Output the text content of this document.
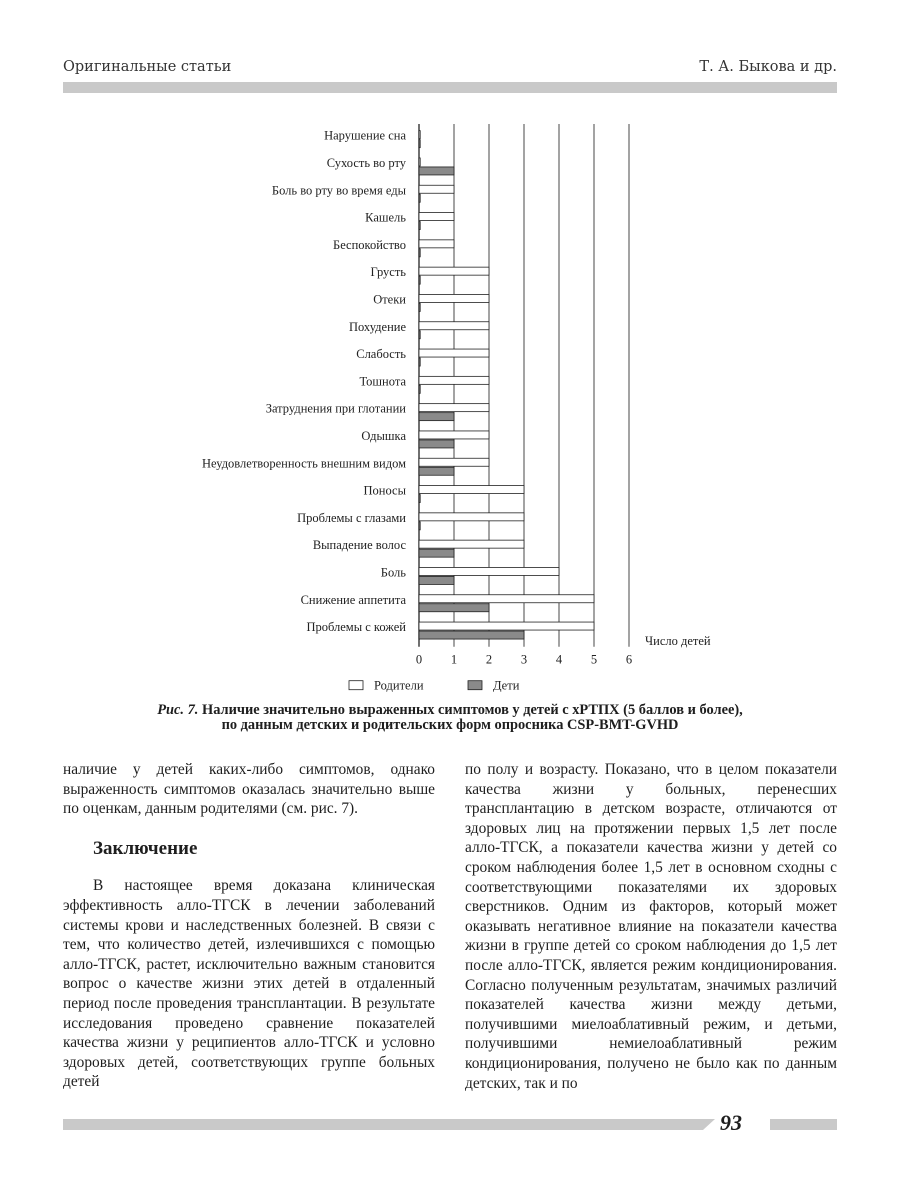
Оригинальные статьи	Т. А. Быкова и др.
Нарушение сна
Сухость во рту
Боль во рту во время еды
Кашель
Беспокойство
Грусть
Отеки
Похудение
Слабость
Тошнота
Затруднения при глотании
Одышка
Неудовлетворенность внешним видом
Поносы
Проблемы с глазами
Выпадение волос
Боль
Снижение аппетита
Проблемы с кожей
0 1 2 3 4 5 6
Число детей
Родители	Дети
Рис. 7. Наличие значительно выраженных симптомов у детей с хРТПХ (5 баллов и более),
по данным детских и родительских форм опросника CSP-BMT-GVHD

наличие у детей каких-либо симптомов, однако выраженность симптомов оказалась значительно выше по оценкам, данным родителями (см. рис. 7).

Заключение

В настоящее время доказана клиническая эффективность алло-ТГСК в лечении заболеваний системы крови и наследственных болезней. В связи с тем, что количество детей, излечившихся с помощью алло-ТГСК, растет, исключительно важным становится вопрос о качестве жизни этих детей в отдаленный период после проведения трансплантации. В результате исследования проведено сравнение показателей качества жизни у реципиентов алло-ТГСК и условно здоровых детей, соответствующих группе больных детей

по полу и возрасту. Показано, что в целом показатели качества жизни у больных, перенесших трансплантацию в детском возрасте, отличаются от здоровых лиц на протяжении первых 1,5 лет после алло-ТГСК, а показатели качества жизни у детей со сроком наблюдения более 1,5 лет в основном сходны с соответствующими показателями их здоровых сверстников. Одним из факторов, который может оказывать негативное влияние на показатели качества жизни в группе детей со сроком наблюдения до 1,5 лет после алло-ТГСК, является режим кондиционирования. Согласно полученным результатам, значимых различий показателей качества жизни между детьми, получившими миелоаблативный режим, и детьми, получившими немиелоаблативный режим кондиционирования, получено не было как по данным детских, так и по

93
